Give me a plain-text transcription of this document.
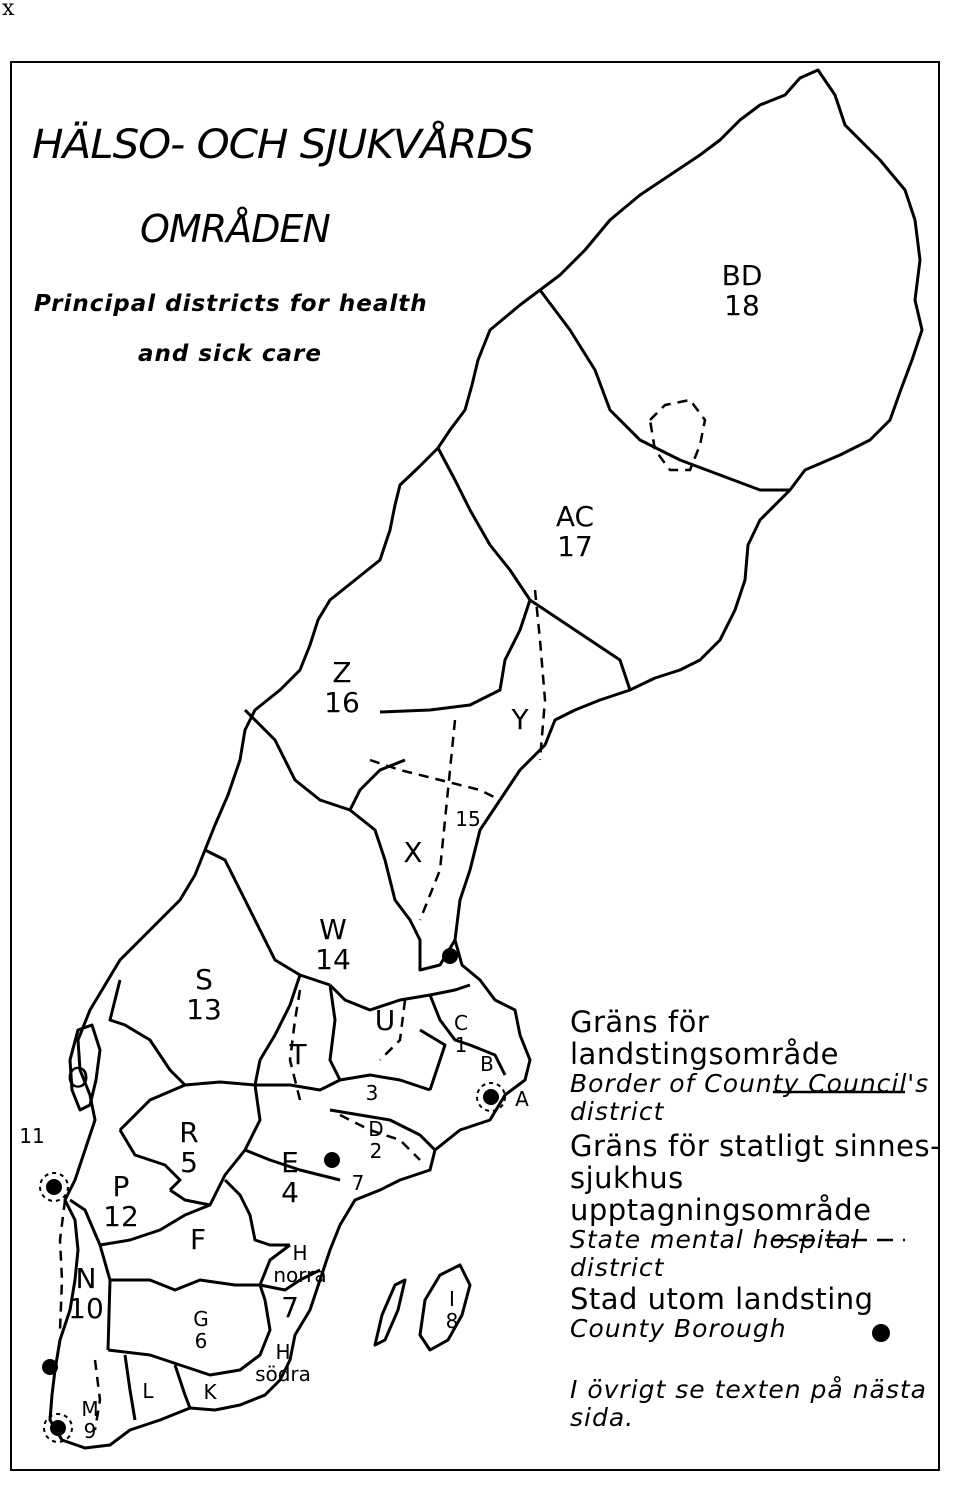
x
HÄLSO- OCH SJUKVÅRDS
OMRÅDEN
Principal districts for health
and sick care
BD
18
AC
17
Z
16
Y
X
15
W
14
S
13	U	C
1
B
A
T
O
11
3
D
2
R
5	E
4	7
P
12
F	H
norra
N
10	G
6
7	I
8
H
södra
L K
M
9
Gräns för landstingsområde
Border of County Council's
district
Gräns för statligt sinnes-
sjukhus upptagningsområde
State mental hospital
district
Stad utom landsting
County Borough
I övrigt se texten på nästa
sida.
